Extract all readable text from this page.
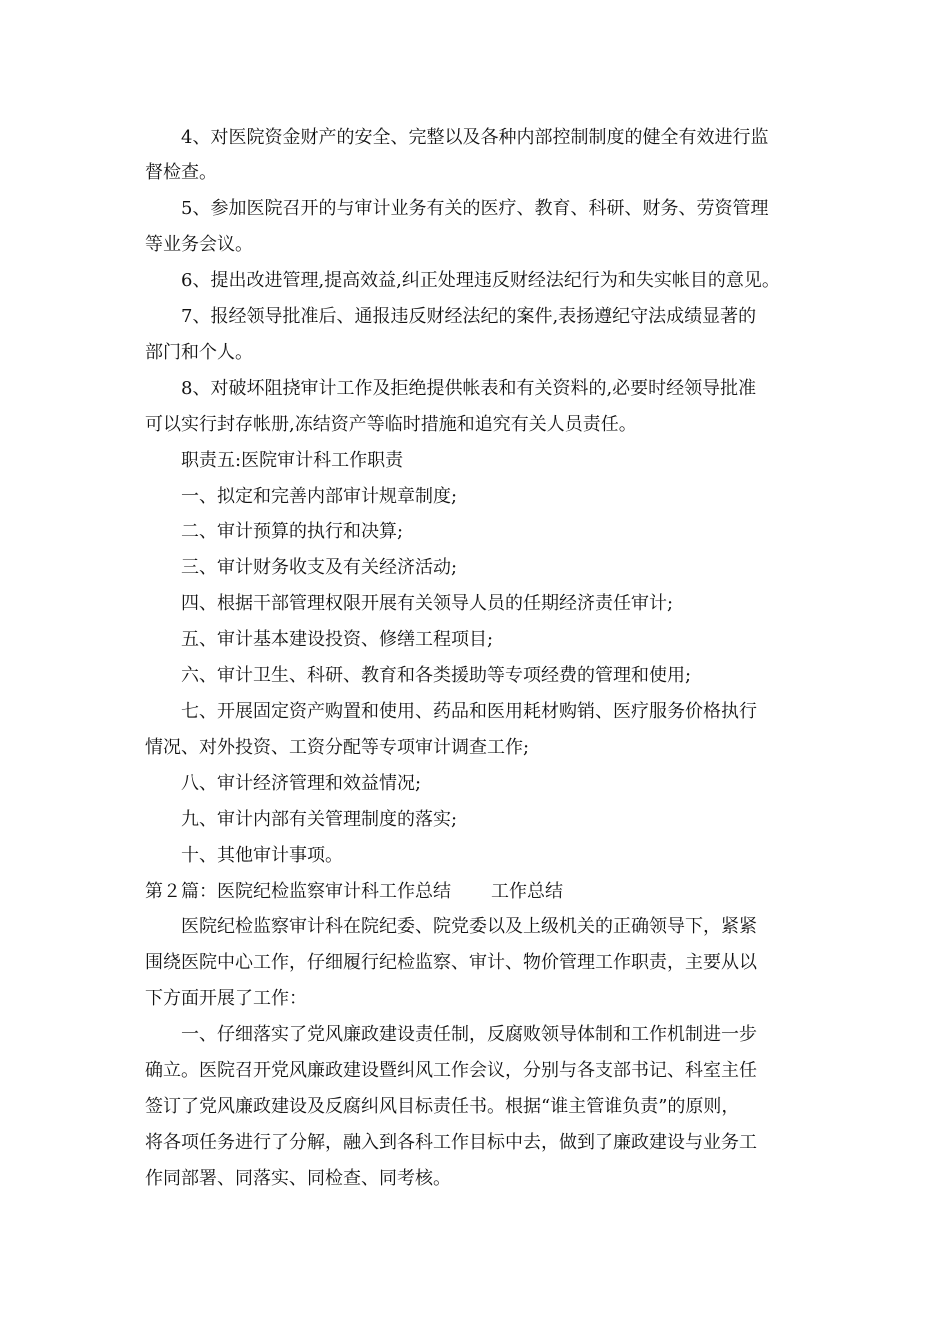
4、对医院资金财产的安全、完整以及各种内部控制制度的健全有效进行监
督检查。
5、参加医院召开的与审计业务有关的医疗、教育、科研、财务、劳资管理
等业务会议。
6、提出改进管理,提高效益,纠正处理违反财经法纪行为和失实帐目的意见。
7、报经领导批准后、通报违反财经法纪的案件,表扬遵纪守法成绩显著的
部门和个人。
8、对破坏阻挠审计工作及拒绝提供帐表和有关资料的,必要时经领导批准
可以实行封存帐册,冻结资产等临时措施和追究有关人员责任。
职责五:医院审计科工作职责
一、拟定和完善内部审计规章制度;
二、审计预算的执行和决算;
三、审计财务收支及有关经济活动;
四、根据干部管理权限开展有关领导人员的任期经济责任审计;
五、审计基本建设投资、修缮工程项目;
六、审计卫生、科研、教育和各类援助等专项经费的管理和使用;
七、开展固定资产购置和使用、药品和医用耗材购销、医疗服务价格执行
情况、对外投资、工资分配等专项审计调查工作;
八、审计经济管理和效益情况;
九、审计内部有关管理制度的落实;
十、其他审计事项。
第２篇：医院纪检监察审计科工作总结 工作总结
医院纪检监察审计科在院纪委、院党委以及上级机关的正确领导下，紧紧
围绕医院中心工作，仔细履行纪检监察、审计、物价管理工作职责，主要从以
下方面开展了工作：
一、仔细落实了党风廉政建设责任制，反腐败领导体制和工作机制进一步
确立。医院召开党风廉政建设暨纠风工作会议，分别与各支部书记、科室主任
签订了党风廉政建设及反腐纠风目标责任书。根据“谁主管谁负责”的原则，
将各项任务进行了分解，融入到各科工作目标中去，做到了廉政建设与业务工
作同部署、同落实、同检查、同考核。
